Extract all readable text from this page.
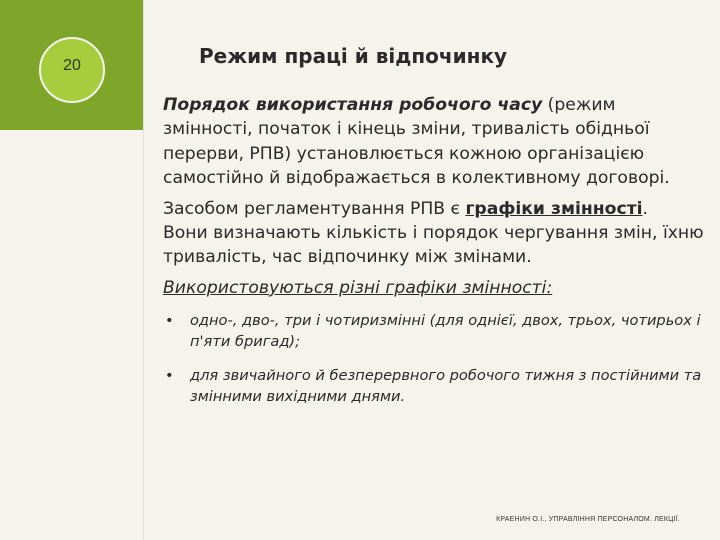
20	Режим праці й відпочинку

Порядок використання робочого часу (режим змінності, початок і кінець зміни, тривалість обідньої перерви, РПВ) установлюється кожною організацією самостійно й відображається в колективному договорі.

Засобом регламентування РПВ є графіки змінності.
Вони визначають кількість і порядок чергування змін, їхню тривалість, час відпочинку між змінами.

Використовуються різні графіки змінності:

• одно-, дво-, три і чотиризмінні (для однієї, двох, трьох, чотирьох і п'яти бригад);
• для звичайного й безперервного робочого тижня з постійними та змінними вихідними днями.
КРАЕНИН О.І., УПРАВЛІННЯ ПЕРСОНАЛОМ. ЛЕКЦІЇ.
